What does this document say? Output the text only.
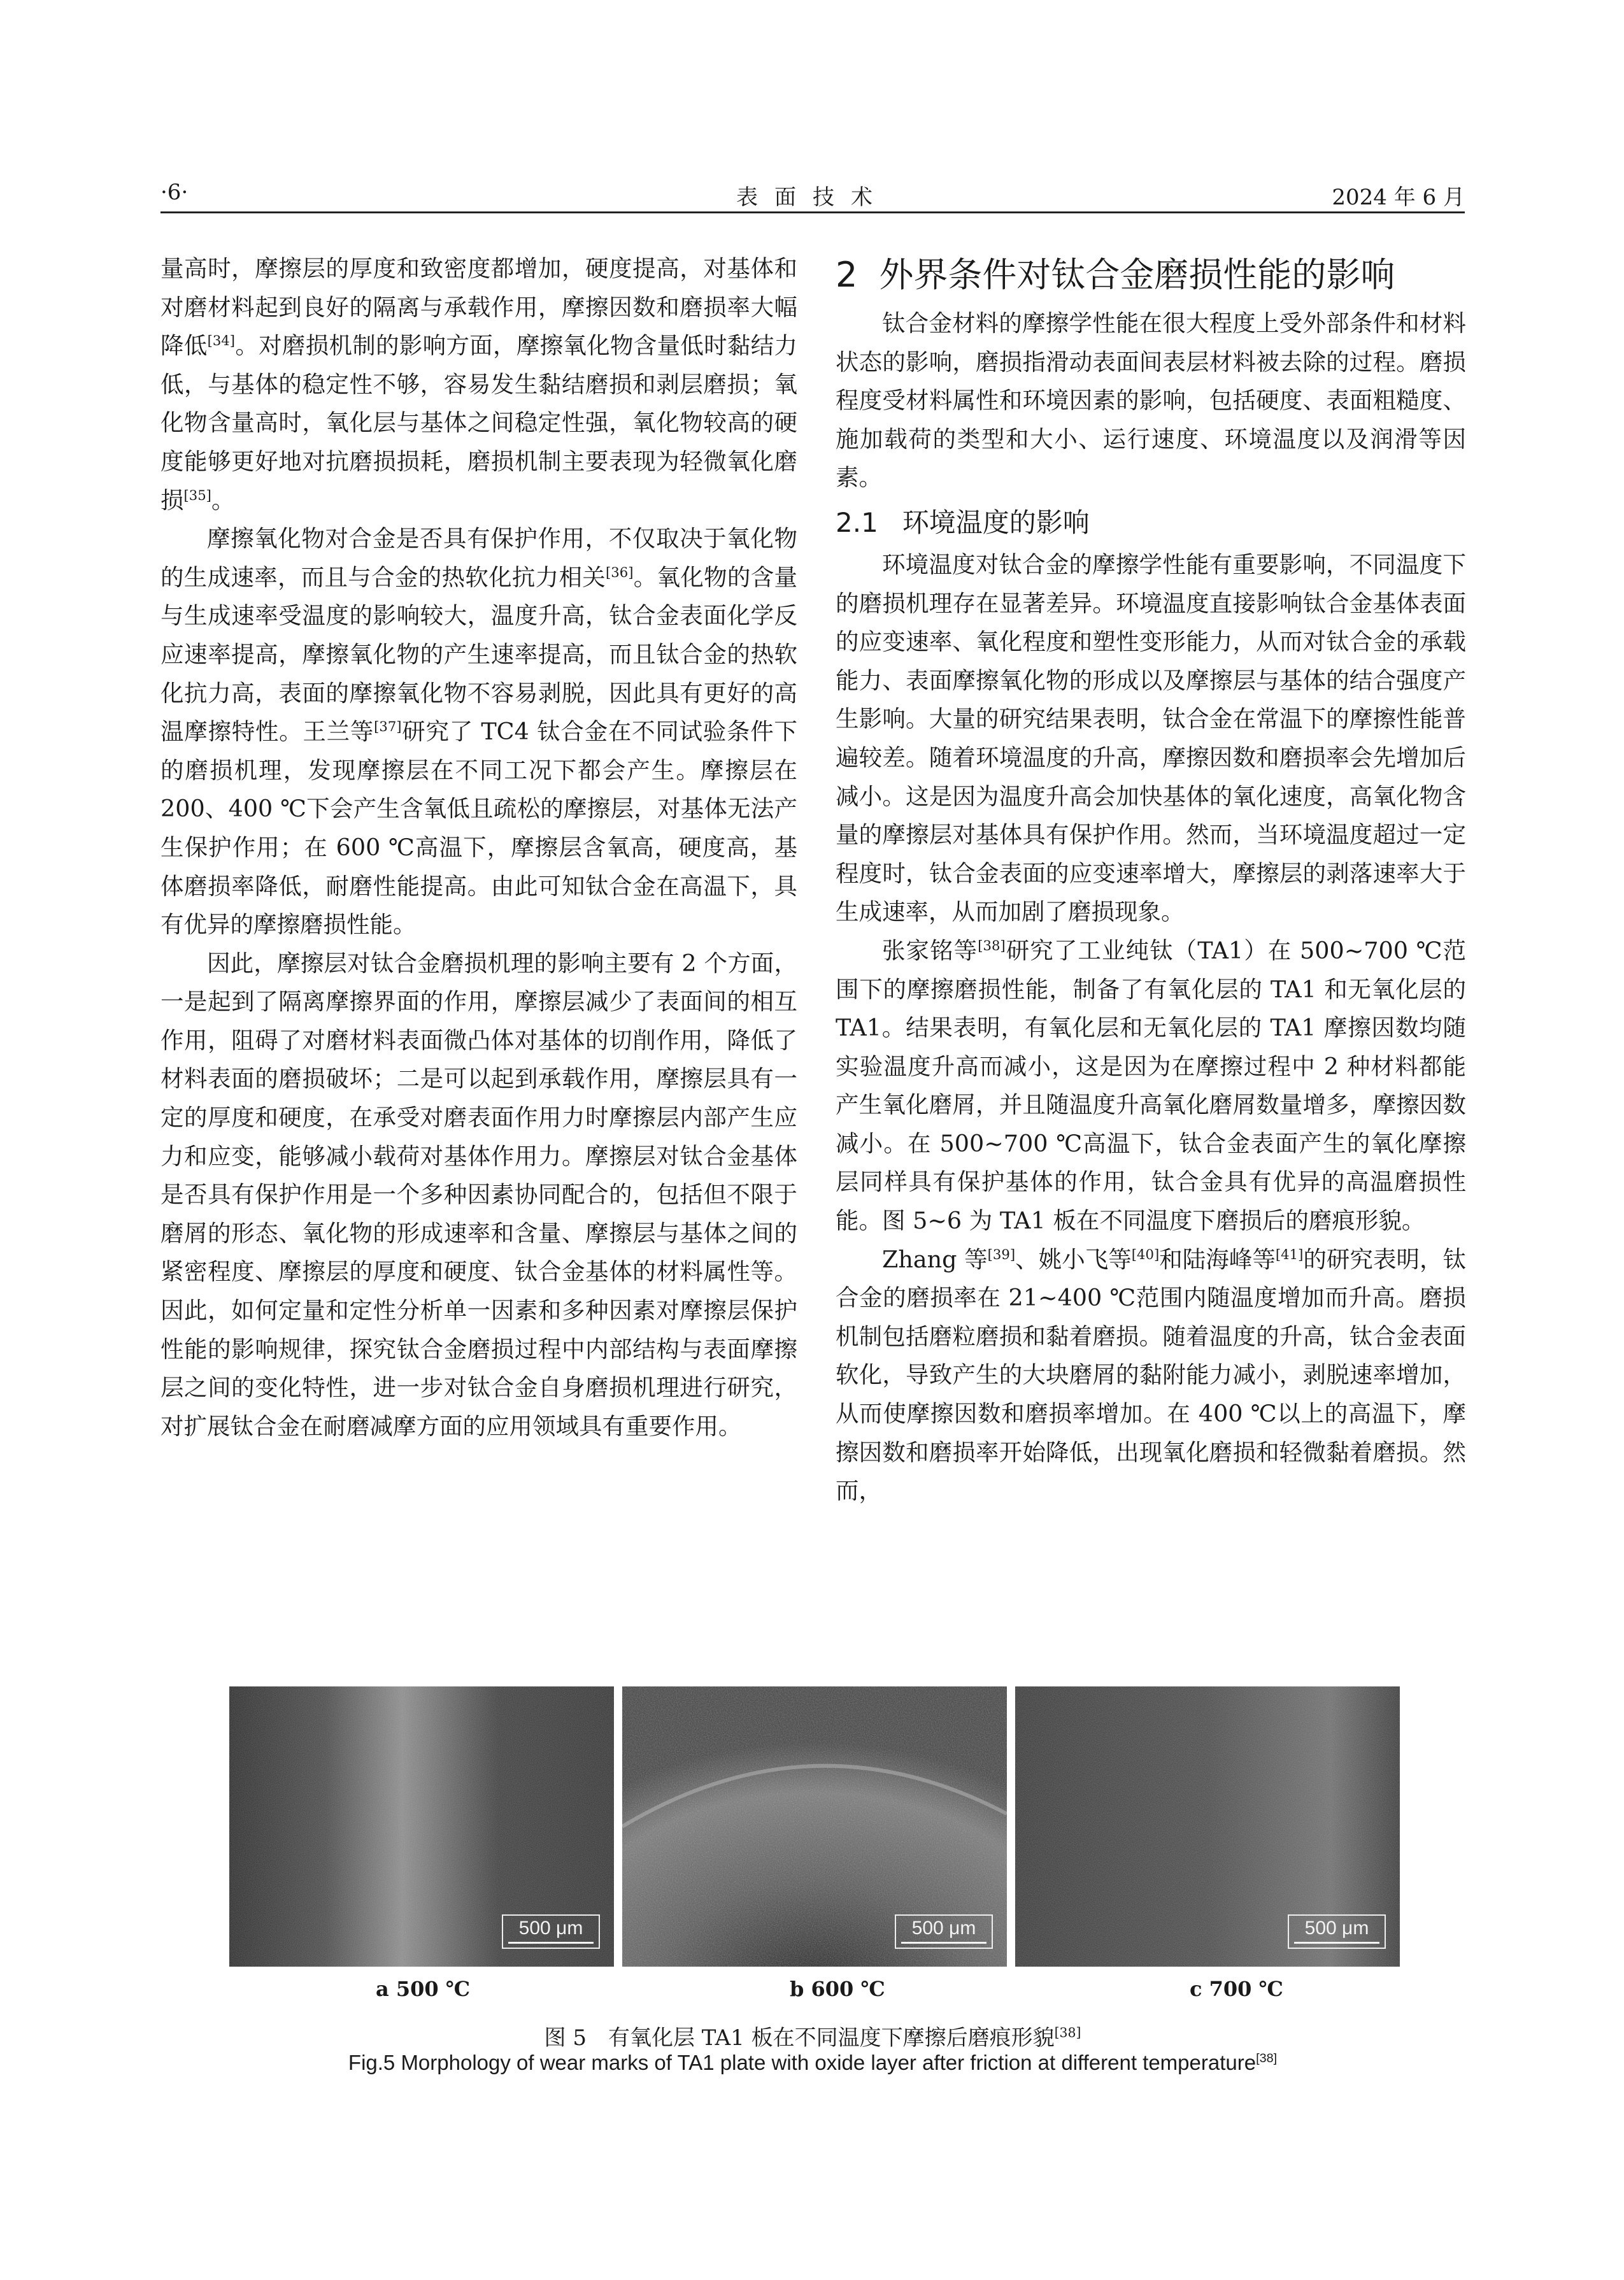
·6·	表面技术	2024 年 6 月

量高时，摩擦层的厚度和致密度都增加，硬度提高，对基体和对磨材料起到良好的隔离与承载作用，摩擦因数和磨损率大幅降低[34]。对磨损机制的影响方面，摩擦氧化物含量低时黏结力低，与基体的稳定性不够，容易发生黏结磨损和剥层磨损；氧化物含量高时，氧化层与基体之间稳定性强，氧化物较高的硬度能够更好地对抗磨损损耗，磨损机制主要表现为轻微氧化磨损[35]。

摩擦氧化物对合金是否具有保护作用，不仅取决于氧化物的生成速率，而且与合金的热软化抗力相关[36]。氧化物的含量与生成速率受温度的影响较大，温度升高，钛合金表面化学反应速率提高，摩擦氧化物的产生速率提高，而且钛合金的热软化抗力高，表面的摩擦氧化物不容易剥脱，因此具有更好的高温摩擦特性。王兰等[37]研究了 TC4 钛合金在不同试验条件下的磨损机理，发现摩擦层在不同工况下都会产生。摩擦层在 200、400 ℃下会产生含氧低且疏松的摩擦层，对基体无法产生保护作用；在 600 ℃高温下，摩擦层含氧高，硬度高，基体磨损率降低，耐磨性能提高。由此可知钛合金在高温下，具有优异的摩擦磨损性能。

因此，摩擦层对钛合金磨损机理的影响主要有 2 个方面，一是起到了隔离摩擦界面的作用，摩擦层减少了表面间的相互作用，阻碍了对磨材料表面微凸体对基体的切削作用，降低了材料表面的磨损破坏；二是可以起到承载作用，摩擦层具有一定的厚度和硬度，在承受对磨表面作用力时摩擦层内部产生应力和应变，能够减小载荷对基体作用力。摩擦层对钛合金基体是否具有保护作用是一个多种因素协同配合的，包括但不限于磨屑的形态、氧化物的形成速率和含量、摩擦层与基体之间的紧密程度、摩擦层的厚度和硬度、钛合金基体的材料属性等。因此，如何定量和定性分析单一因素和多种因素对摩擦层保护性能的影响规律，探究钛合金磨损过程中内部结构与表面摩擦层之间的变化特性，进一步对钛合金自身磨损机理进行研究，对扩展钛合金在耐磨减摩方面的应用领域具有重要作用。

2 外界条件对钛合金磨损性能的影响

钛合金材料的摩擦学性能在很大程度上受外部条件和材料状态的影响，磨损指滑动表面间表层材料被去除的过程。磨损程度受材料属性和环境因素的影响，包括硬度、表面粗糙度、施加载荷的类型和大小、运行速度、环境温度以及润滑等因素。

2.1 环境温度的影响

环境温度对钛合金的摩擦学性能有重要影响，不同温度下的磨损机理存在显著差异。环境温度直接影响钛合金基体表面的应变速率、氧化程度和塑性变形能力，从而对钛合金的承载能力、表面摩擦氧化物的形成以及摩擦层与基体的结合强度产生影响。大量的研究结果表明，钛合金在常温下的摩擦性能普遍较差。随着环境温度的升高，摩擦因数和磨损率会先增加后减小。这是因为温度升高会加快基体的氧化速度，高氧化物含量的摩擦层对基体具有保护作用。然而，当环境温度超过一定程度时，钛合金表面的应变速率增大，摩擦层的剥落速率大于生成速率，从而加剧了磨损现象。

张家铭等[38]研究了工业纯钛（TA1）在 500~700 ℃范围下的摩擦磨损性能，制备了有氧化层的 TA1 和无氧化层的 TA1。结果表明，有氧化层和无氧化层的 TA1 摩擦因数均随实验温度升高而减小，这是因为在摩擦过程中 2 种材料都能产生氧化磨屑，并且随温度升高氧化磨屑数量增多，摩擦因数减小。在 500~700 ℃高温下，钛合金表面产生的氧化摩擦层同样具有保护基体的作用，钛合金具有优异的高温磨损性能。图 5~6 为 TA1 板在不同温度下磨损后的磨痕形貌。

Zhang 等[39]、姚小飞等[40]和陆海峰等[41]的研究表明，钛合金的磨损率在 21~400 ℃范围内随温度增加而升高。磨损机制包括磨粒磨损和黏着磨损。随着温度的升高，钛合金表面软化，导致产生的大块磨屑的黏附能力减小，剥脱速率增加，从而使摩擦因数和磨损率增加。在 400 ℃以上的高温下，摩擦因数和磨损率开始降低，出现氧化磨损和轻微黏着磨损。然而，

500 μm	500 μm	500 μm
a 500 ℃	b 600 ℃	c 700 ℃
图 5　有氧化层 TA1 板在不同温度下摩擦后磨痕形貌[38]
Fig.5 Morphology of wear marks of TA1 plate with oxide layer after friction at different temperature[38]
